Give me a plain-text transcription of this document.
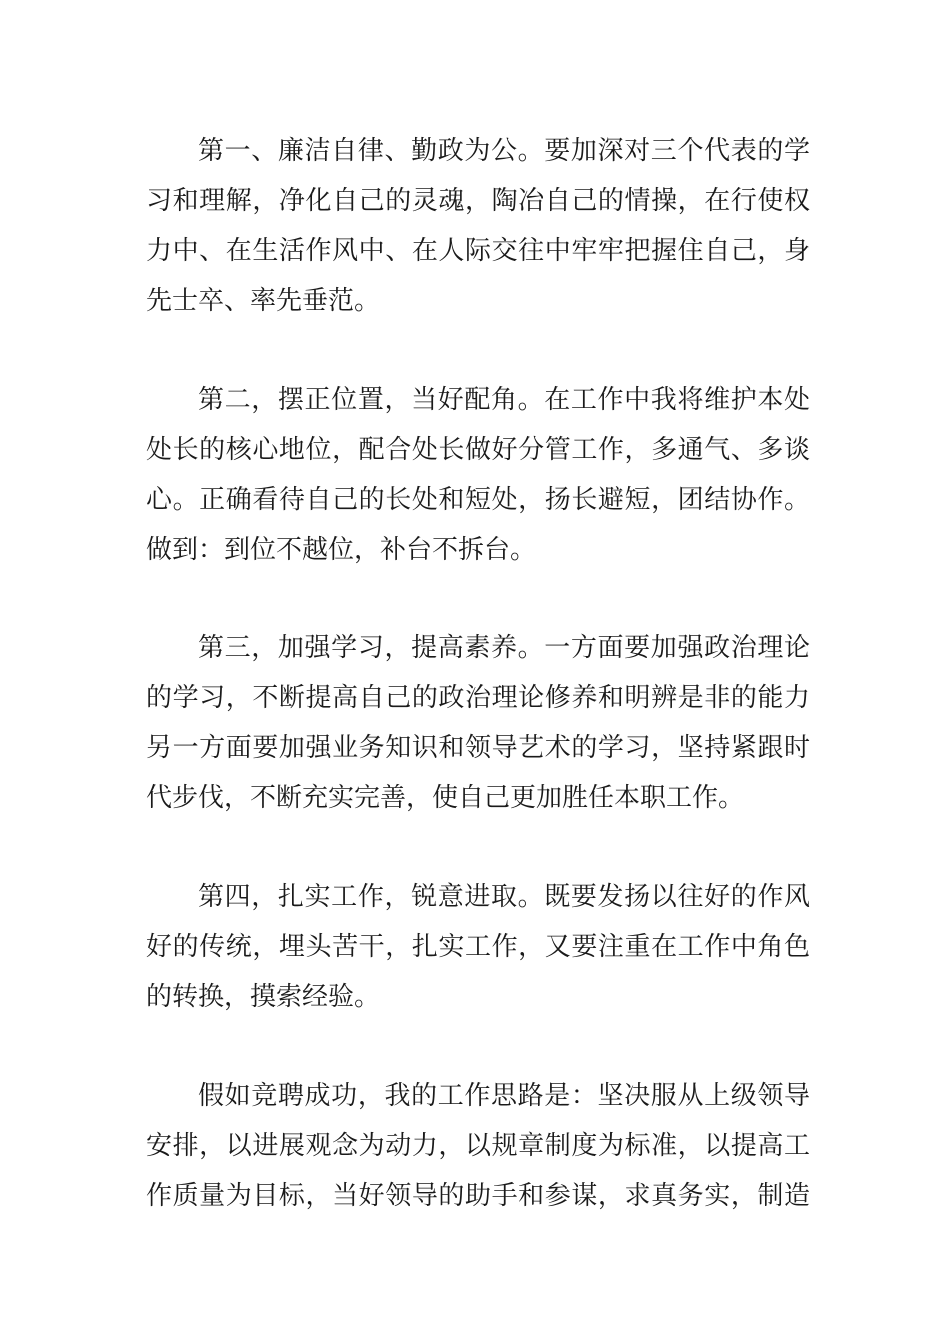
第一、廉洁自律、勤政为公。要加深对三个代表的学
习和理解，净化自己的灵魂，陶冶自己的情操，在行使权
力中、在生活作风中、在人际交往中牢牢把握住自己，身
先士卒、率先垂范。
第二，摆正位置，当好配角。在工作中我将维护本处
处长的核心地位，配合处长做好分管工作，多通气、多谈
心。正确看待自己的长处和短处，扬长避短，团结协作。
做到：到位不越位，补台不拆台。
第三，加强学习，提高素养。一方面要加强政治理论
的学习，不断提高自己的政治理论修养和明辨是非的能力
另一方面要加强业务知识和领导艺术的学习，坚持紧跟时
代步伐，不断充实完善，使自己更加胜任本职工作。
第四，扎实工作，锐意进取。既要发扬以往好的作风
好的传统，埋头苦干，扎实工作，又要注重在工作中角色
的转换，摸索经验。
假如竞聘成功，我的工作思路是：坚决服从上级领导
安排，以进展观念为动力，以规章制度为标准，以提高工
作质量为目标，当好领导的助手和参谋，求真务实，制造
